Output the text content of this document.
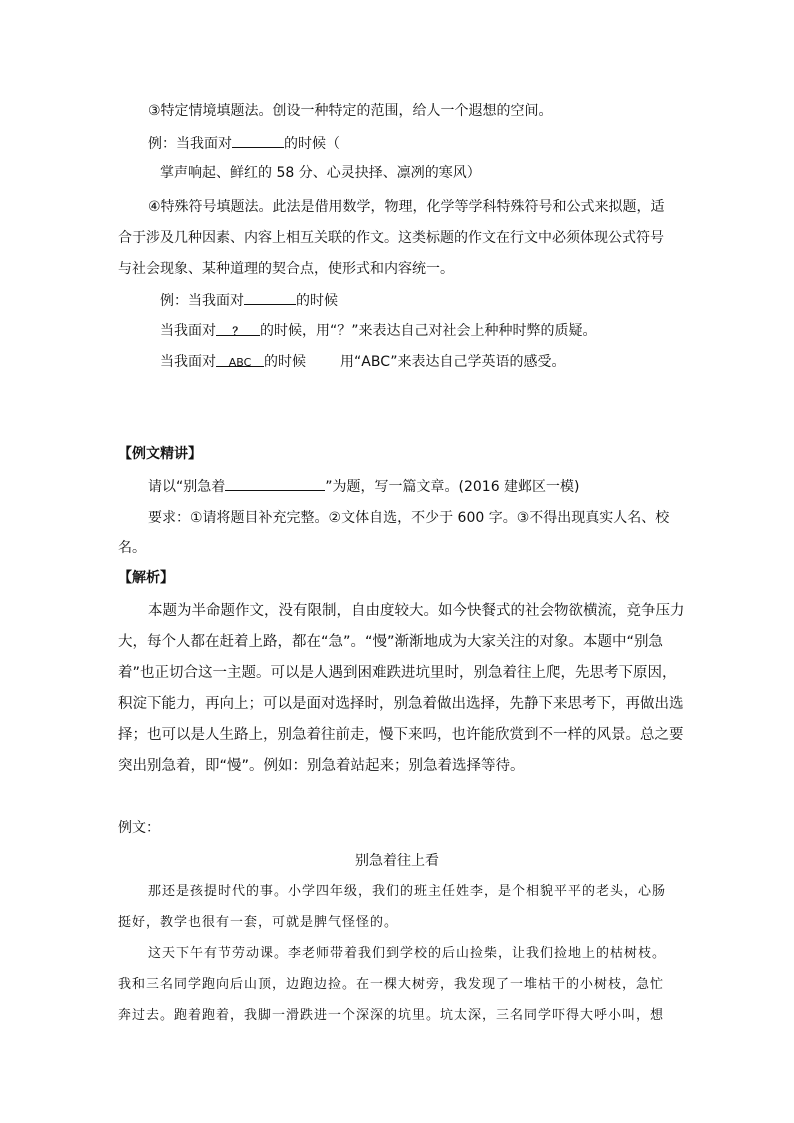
③特定情境填题法。创设一种特定的范围，给人一个遐想的空间。
例：当我面对	的时候（
掌声响起、鲜红的 58 分、心灵抉择、凛冽的寒风）
④特殊符号填题法。此法是借用数学，物理，化学等学科特殊符号和公式来拟题，适
合于涉及几种因素、内容上相互关联的作文。这类标题的作文在行文中必须体现公式符号
与社会现象、某种道理的契合点，使形式和内容统一。
例：当我面对	的时候
当我面对 ？ 的时候，用“？”来表达自己对社会上种种时弊的质疑。
当我面对 ABC 的时候 用“ABC”来表达自己学英语的感受。
【例文精讲】
请以“别急着	”为题，写一篇文章。(2016 建邺区一模)
要求：①请将题目补充完整。②文体自选，不少于 600 字。③不得出现真实人名、校
名。
【解析】
本题为半命题作文，没有限制，自由度较大。如今快餐式的社会物欲横流，竞争压力
大，每个人都在赶着上路，都在“急”。“慢”渐渐地成为大家关注的对象。本题中“别急
着”也正切合这一主题。可以是人遇到困难跌进坑里时，别急着往上爬，先思考下原因，
积淀下能力，再向上；可以是面对选择时，别急着做出选择，先静下来思考下，再做出选
择；也可以是人生路上，别急着往前走，慢下来吗，也许能欣赏到不一样的风景。总之要
突出别急着，即“慢”。例如：别急着站起来；别急着选择等待。
例文：
别急着往上看
那还是孩提时代的事。小学四年级，我们的班主任姓李，是个相貌平平的老头，心肠
挺好，教学也很有一套，可就是脾气怪怪的。
这天下午有节劳动课。李老师带着我们到学校的后山捡柴，让我们捡地上的枯树枝。
我和三名同学跑向后山顶，边跑边捡。在一棵大树旁，我发现了一堆枯干的小树枝，急忙
奔过去。跑着跑着，我脚一滑跌进一个深深的坑里。坑太深，三名同学吓得大呼小叫，想
